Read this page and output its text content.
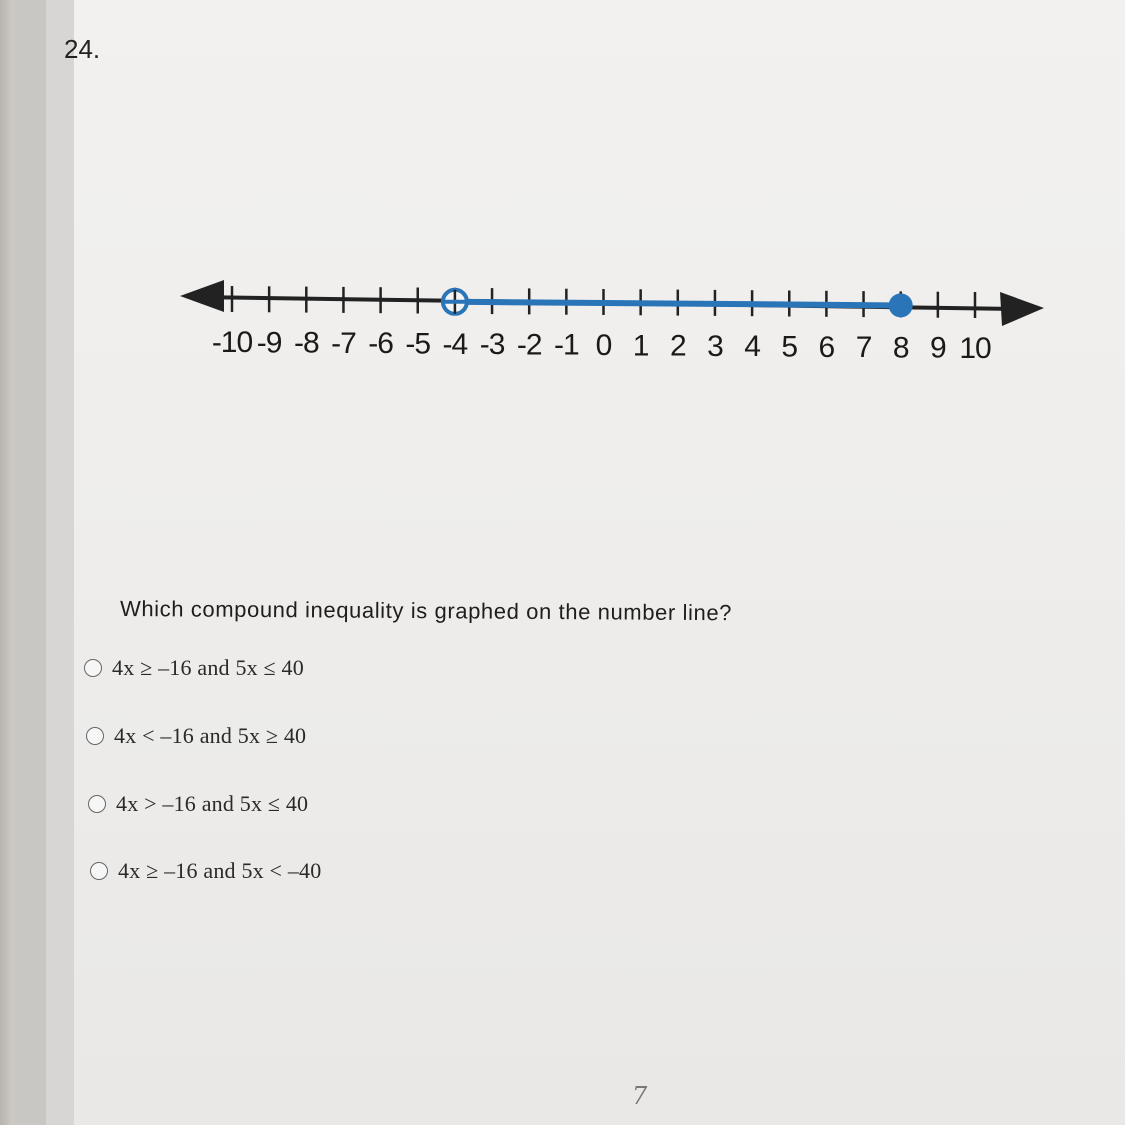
24.
-10 -9 -8 -7 -6 -5 -4 -3 -2 -1 0 1 2 3 4 5 6 7 8 9 10
Which compound inequality is graphed on the number line?
4x ≥ –16 and 5x ≤ 40
4x < –16 and 5x ≥ 40
4x > –16 and 5x ≤ 40
4x ≥ –16 and 5x < –40
7
